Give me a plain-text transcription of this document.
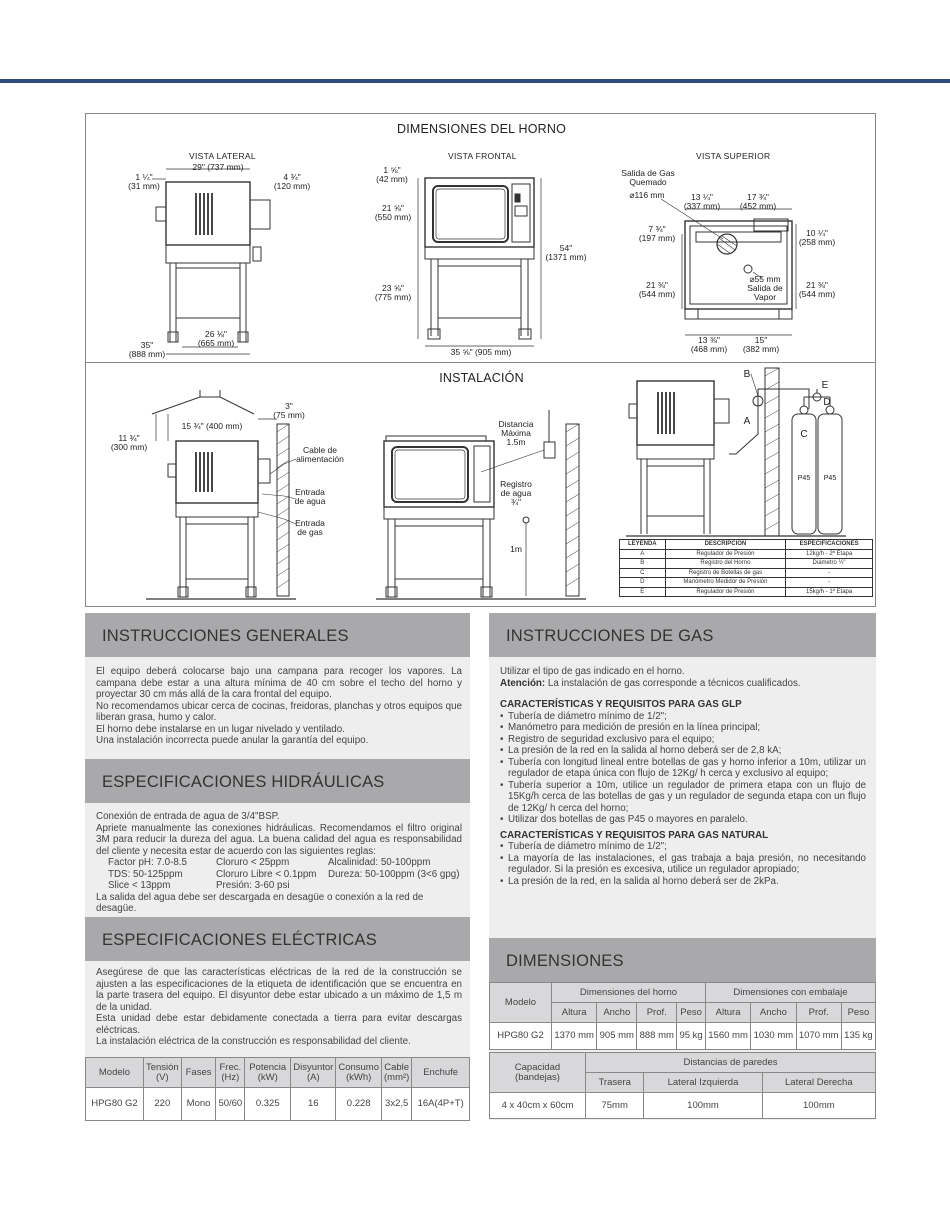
DIMENSIONES DEL HORNO
VISTA LATERAL	VISTA FRONTAL	VISTA SUPERIOR
1 ¼"
(31 mm)
29" (737 mm)
4 ¾"
(120 mm)
26 ⅛"
(665 mm)
35"
(888 mm)
1 ⅝"
(42 mm)
21 ⅝"
(550 mm)
23 ⅝"
(775 mm)
54"
(1371 mm)
35 ⅝" (905 mm)
Salida de Gas
Quemado
⌀116 mm	13 ¼"
(337 mm)
17 ¾"
(452 mm)
7 ¾"
(197 mm)	10 ¼"
(258 mm)
21 ⅜"
(544 mm)
21 ⅜"
(544 mm)
⌀55 mm
Salida de
Vapor
13 ⅜"
(468 mm)
15"
(382 mm)
INSTALACIÓN
15 ¾" (400 mm)
11 ¾"
(300 mm)
3"
(75 mm)
Cable de
alimentación
Entrada
de agua
Entrada
de gas
Distancia
Máxima
1.5m
Registro
de agua
¾"
1m
B
A
E
D
C
P45	P45
LEYENDA	DESCRIPCIÓN	ESPECIFICACIONES
A	Regulador de Presión	12kg/h - 2ª Etapa
B	Registro del Horno	Diámetro ½"
C	Registro de Botellas de gas	-
D	Manómetro Medidor de Presión	-
E	Regulador de Presión	15kg/h - 1ª Etapa
INSTRUCCIONES GENERALES

El equipo deberá colocarse bajo una campana para recoger los vapores. La campana debe estar a una altura mínima de 40 cm sobre el techo del horno y proyectar 30 cm más allá de la cara frontal del equipo.

No recomendamos ubicar cerca de cocinas, freidoras, planchas y otros equipos que liberan grasa, humo y calor.

El horno debe instalarse en un lugar nivelado y ventilado.

Una instalación incorrecta puede anular la garantía del equipo.

ESPECIFICACIONES HIDRÁULICAS

Conexión de entrada de agua de 3/4"BSP.

Apriete manualmente las conexiones hidráulicas. Recomendamos el filtro original 3M para reducir la dureza del agua. La buena calidad del agua es responsabilidad del cliente y necesita estar de acuerdo con las siguientes reglas:

Factor pH: 7.0-8.5	Cloruro < 25ppm	Alcalinidad: 50-100ppm
TDS: 50-125ppm	Cloruro Libre < 0.1ppm	Dureza: 50-100ppm (3<6 gpg)
Slice < 13ppm	Presión: 3-60 psi

La salida del agua debe ser descargada en desagüe o conexión a la red de desagüe.

ESPECIFICACIONES ELÉCTRICAS

Asegúrese de que las características eléctricas de la red de la construcción se ajusten a las especificaciones de la etiqueta de identificación que se encuentra en la parte trasera del equipo. El disyuntor debe estar ubicado a un máximo de 1,5 m de la unidad.

Esta unidad debe estar debidamente conectada a tierra para evitar descargas eléctricas.

La instalación eléctrica de la construcción es responsabilidad del cliente.

Modelo	Tensión (V)	Fases	Frec. (Hz)	Potencia (kW)	Disyuntor (A)	Consumo (kWh)	Cable (mm²)	Enchufe
HPG80 G2	220	Mono	50/60	0.325	16	0.228	3x2,5	16A(4P+T)
INSTRUCCIONES DE GAS

Utilizar el tipo de gas indicado en el horno.

Atención: La instalación de gas corresponde a técnicos cualificados.

CARACTERÍSTICAS Y REQUISITOS PARA GAS GLP

• Tubería de diámetro mínimo de 1/2";
• Manómetro para medición de presión en la línea principal;
• Registro de seguridad exclusivo para el equipo;
• La presión de la red en la salida al horno deberá ser de 2,8 kA;
• Tubería con longitud lineal entre botellas de gas y horno inferior a 10m, utilizar un regulador de etapa única con flujo de 12Kg/ h cerca y exclusivo al equipo;
• Tubería superior a 10m, utilice un regulador de primera etapa con un flujo de 15Kg/h cerca de las botellas de gas y un regulador de segunda etapa con un flujo de 12Kg/ h cerca del horno;
• Utilizar dos botellas de gas P45 o mayores en paralelo.

CARACTERÍSTICAS Y REQUISITOS PARA GAS NATURAL

• Tubería de diámetro mínimo de 1/2";
• La mayoría de las instalaciones, el gas trabaja a baja presión, no necesitando regulador. Si la presión es excesiva, utilice un regulador apropiado;
• La presión de la red, en la salida al horno deberá ser de 2kPa.
DIMENSIONES
Modelo	Dimensiones del horno				Dimensiones con embalaje			
	Altura	Ancho	Prof.	Peso	Altura	Ancho	Prof.	Peso
HPG80 G2	1370 mm	905 mm	888 mm	95 kg	1560 mm	1030 mm	1070 mm	135 kg
Capacidad (bandejas)	Distancias de paredes		
	Trasera	Lateral Izquierda	Lateral Derecha
4 x 40cm x 60cm	75mm	100mm	100mm
